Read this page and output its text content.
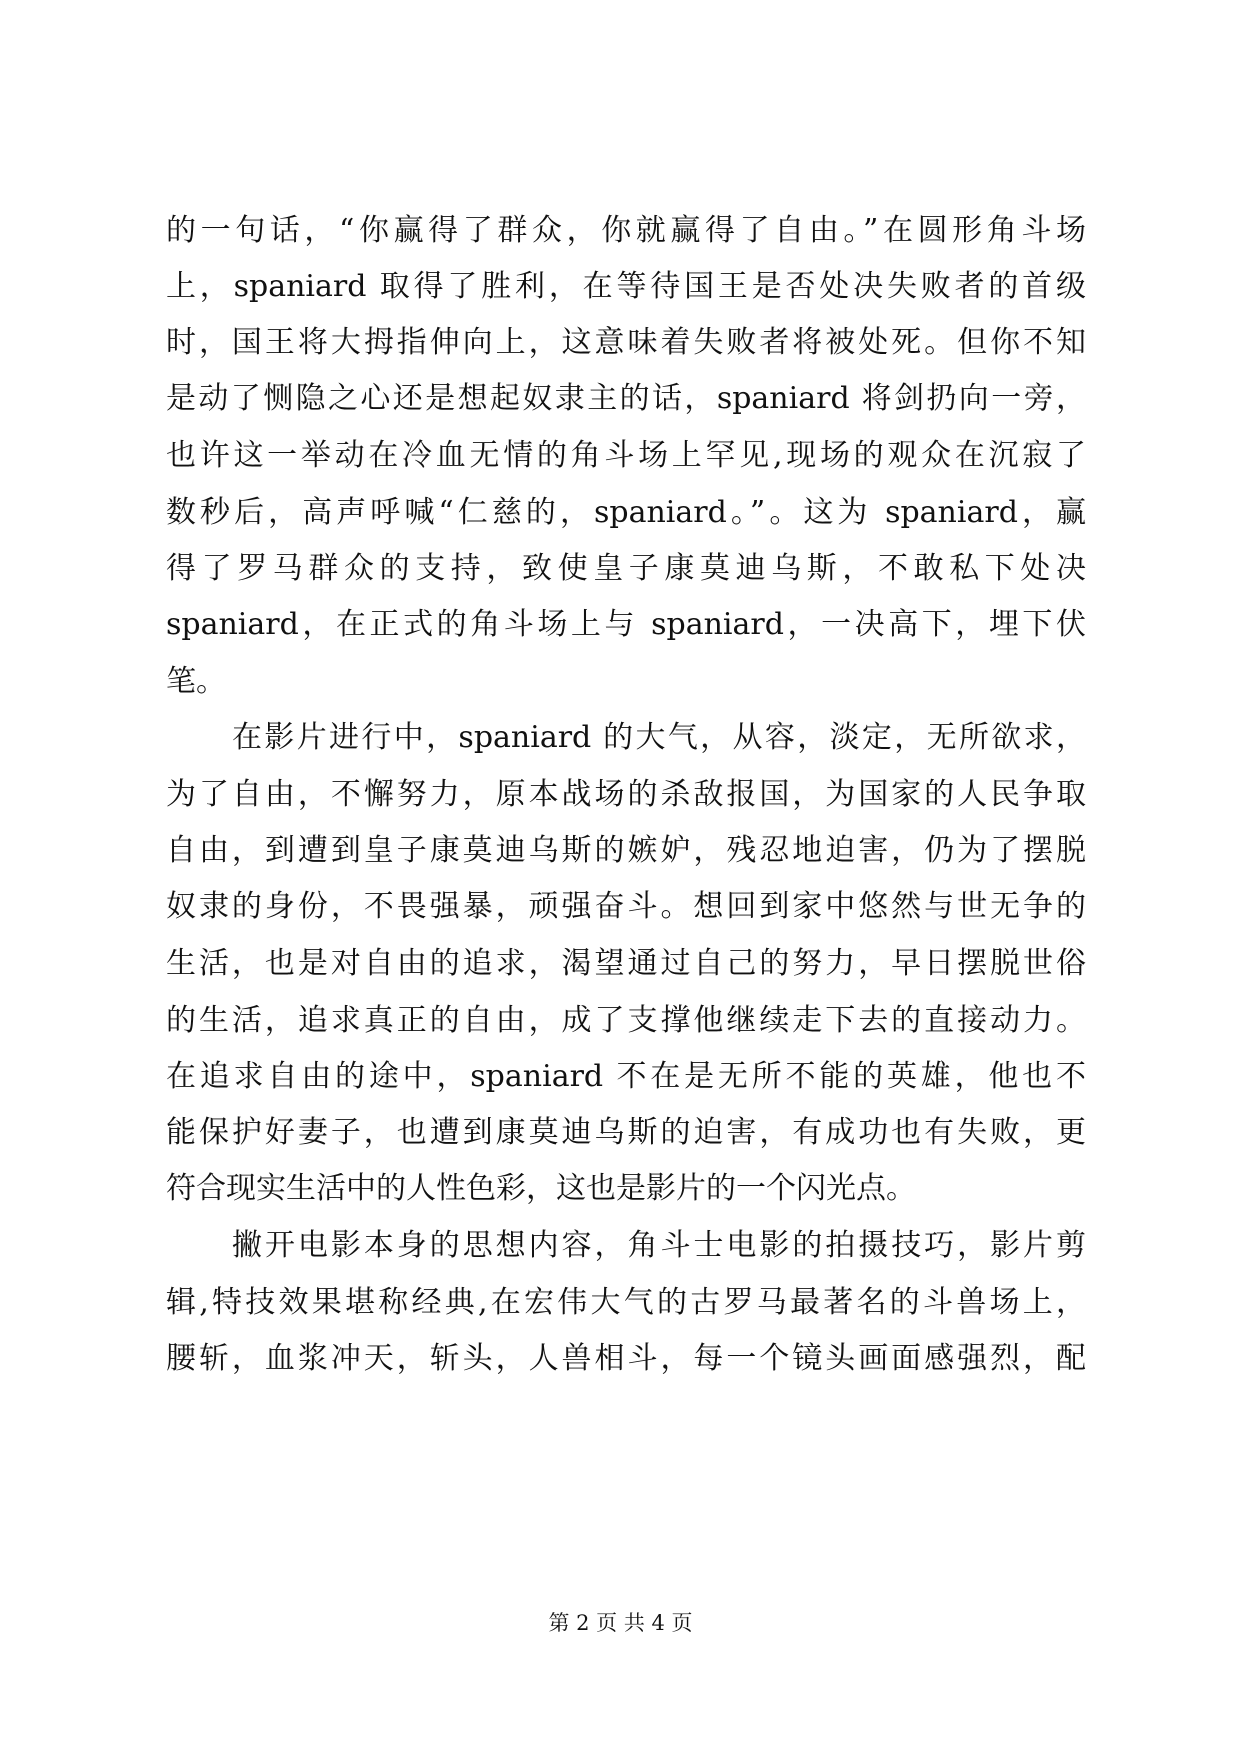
的一句话，“你赢得了群众，你就赢得了自由。”在圆形角斗场
上，spaniard 取得了胜利，在等待国王是否处决失败者的首级
时，国王将大拇指伸向上，这意味着失败者将被处死。但你不知
是动了恻隐之心还是想起奴隶主的话，spaniard 将剑扔向一旁，
也许这一举动在冷血无情的角斗场上罕见,现场的观众在沉寂了
数秒后，高声呼喊“仁慈的，spaniard。”。这为 spaniard，赢
得了罗马群众的支持，致使皇子康莫迪乌斯，不敢私下处决
spaniard，在正式的角斗场上与 spaniard，一决高下，埋下伏
笔。
在影片进行中，spaniard 的大气，从容，淡定，无所欲求，
为了自由，不懈努力，原本战场的杀敌报国，为国家的人民争取
自由，到遭到皇子康莫迪乌斯的嫉妒，残忍地迫害，仍为了摆脱
奴隶的身份，不畏强暴，顽强奋斗。想回到家中悠然与世无争的
生活，也是对自由的追求，渴望通过自己的努力，早日摆脱世俗
的生活，追求真正的自由，成了支撑他继续走下去的直接动力。
在追求自由的途中，spaniard 不在是无所不能的英雄，他也不
能保护好妻子，也遭到康莫迪乌斯的迫害，有成功也有失败，更
符合现实生活中的人性色彩，这也是影片的一个闪光点。
撇开电影本身的思想内容，角斗士电影的拍摄技巧，影片剪
辑,特技效果堪称经典,在宏伟大气的古罗马最著名的斗兽场上，
腰斩，血浆冲天，斩头，人兽相斗，每一个镜头画面感强烈，配
第 2 页 共 4 页
